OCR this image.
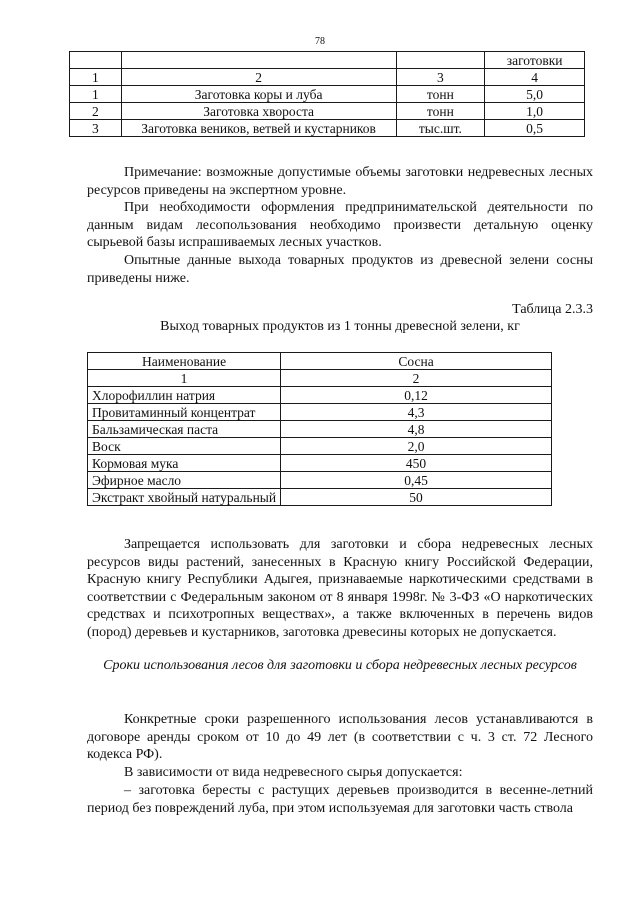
78
			заготовки
1	2	3	4
1	Заготовка коры и луба	тонн	5,0
2	Заготовка хвороста	тонн	1,0
3	Заготовка веников, ветвей и кустарников	тыс.шт.	0,5

Примечание: возможные допустимые объемы заготовки недревесных лесных ресурсов приведены на экспертном уровне.

При необходимости оформления предпринимательской деятельности по данным видам лесопользования необходимо произвести детальную оценку сырьевой базы испрашиваемых лесных участков.

Опытные данные выхода товарных продуктов из древесной зелени сосны приведены ниже.

Таблица 2.3.3
Выход товарных продуктов из 1 тонны древесной зелени, кг
Наименование	Сосна
1	2
Хлорофиллин натрия	0,12
Провитаминный концентрат	4,3
Бальзамическая паста	4,8
Воск	2,0
Кормовая мука	450
Эфирное масло	0,45
Экстракт хвойный натуральный	50

Запрещается использовать для заготовки и сбора недревесных лесных ресурсов виды растений, занесенных в Красную книгу Российской Федерации, Красную книгу Республики Адыгея, признаваемые наркотическими средствами в соответствии с Федеральным законом от 8 января 1998г. № 3-ФЗ «О наркотических средствах и психотропных веществах», а также включенных в перечень видов (пород) деревьев и кустарников, заготовка древесины которых не допускается.

Сроки использования лесов для заготовки и сбора недревесных лесных ресурсов

Конкретные сроки разрешенного использования лесов устанавливаются в договоре аренды сроком от 10 до 49 лет (в соответствии с ч. 3 ст. 72 Лесного кодекса РФ).

В зависимости от вида недревесного сырья допускается:

– заготовка бересты с растущих деревьев производится в весенне-летний период без повреждений луба, при этом используемая для заготовки часть ствола
